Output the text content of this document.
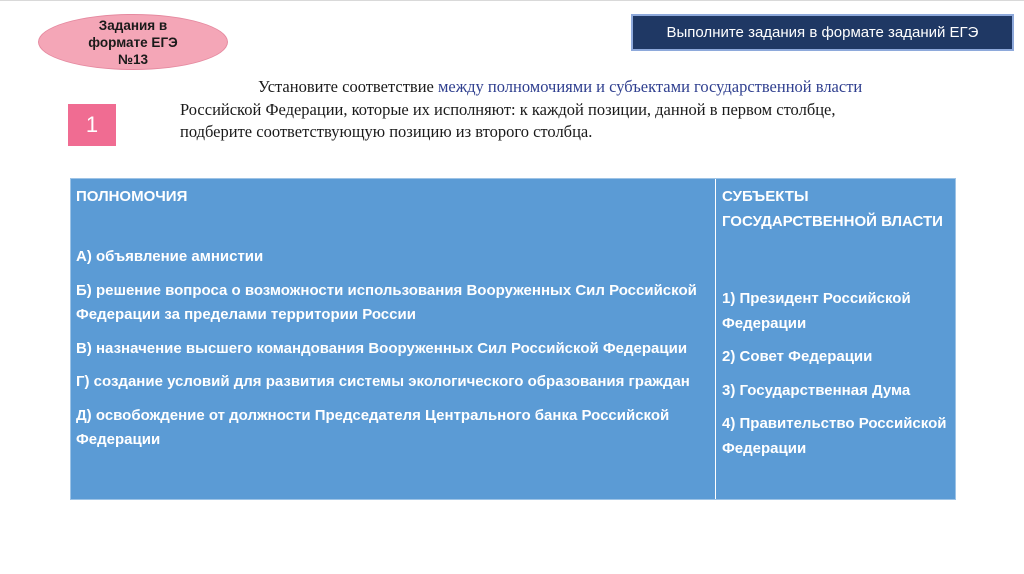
Задания в
формате ЕГЭ
№13
Выполните задания в формате заданий ЕГЭ
1
Установите соответствие между полномочиями и субъектами государственной власти Российской Федерации, которые их исполняют: к каждой позиции, данной в первом столбце, подберите соответствующую позицию из второго столбца.
ПОЛНОМОЧИЯ
А) объявление амнистии
Б) решение вопроса о возможности использования Вооруженных Сил Российской Федерации за пределами территории России
В) назначение высшего командования Вооруженных Сил Российской Федерации
Г) создание условий для развития системы экологического образования граждан
Д) освобождение от должности Председателя Центрального банка Российской Федерации
СУБЪЕКТЫ ГОСУДАРСТВЕННОЙ ВЛАСТИ
1) Президент Российской Федерации
2) Совет Федерации
3) Государственная Дума
4) Правительство Российской Федерации
